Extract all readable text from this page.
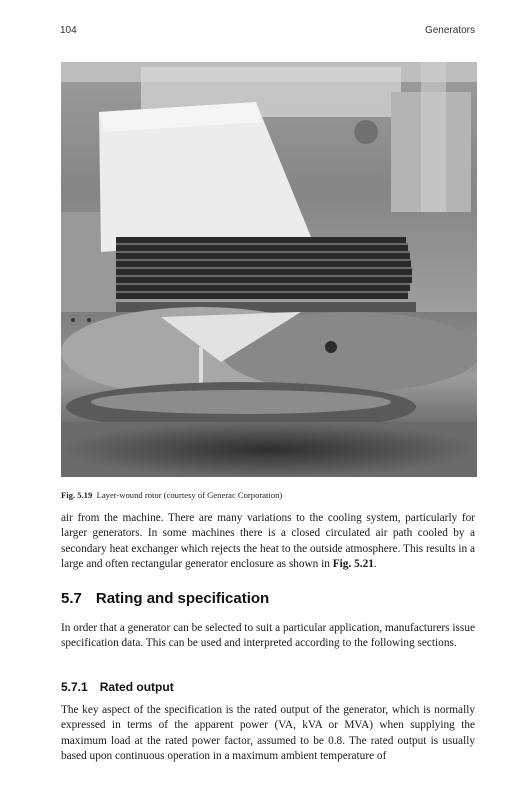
104	Generators
Fig. 5.19 Layer-wound rotor (courtesy of Generac Corporation)

air from the machine. There are many variations to the cooling system, particularly for larger generators. In some machines there is a closed circulated air path cooled by a secondary heat exchanger which rejects the heat to the outside atmosphere. This results in a large and often rectangular generator enclosure as shown in Fig. 5.21.

5.7 Rating and specification

In order that a generator can be selected to suit a particular application, manufacturers issue specification data. This can be used and interpreted according to the following sections.

5.7.1 Rated output

The key aspect of the specification is the rated output of the generator, which is normally expressed in terms of the apparent power (VA, kVA or MVA) when supplying the maximum load at the rated power factor, assumed to be 0.8. The rated output is usually based upon continuous operation in a maximum ambient temperature of
